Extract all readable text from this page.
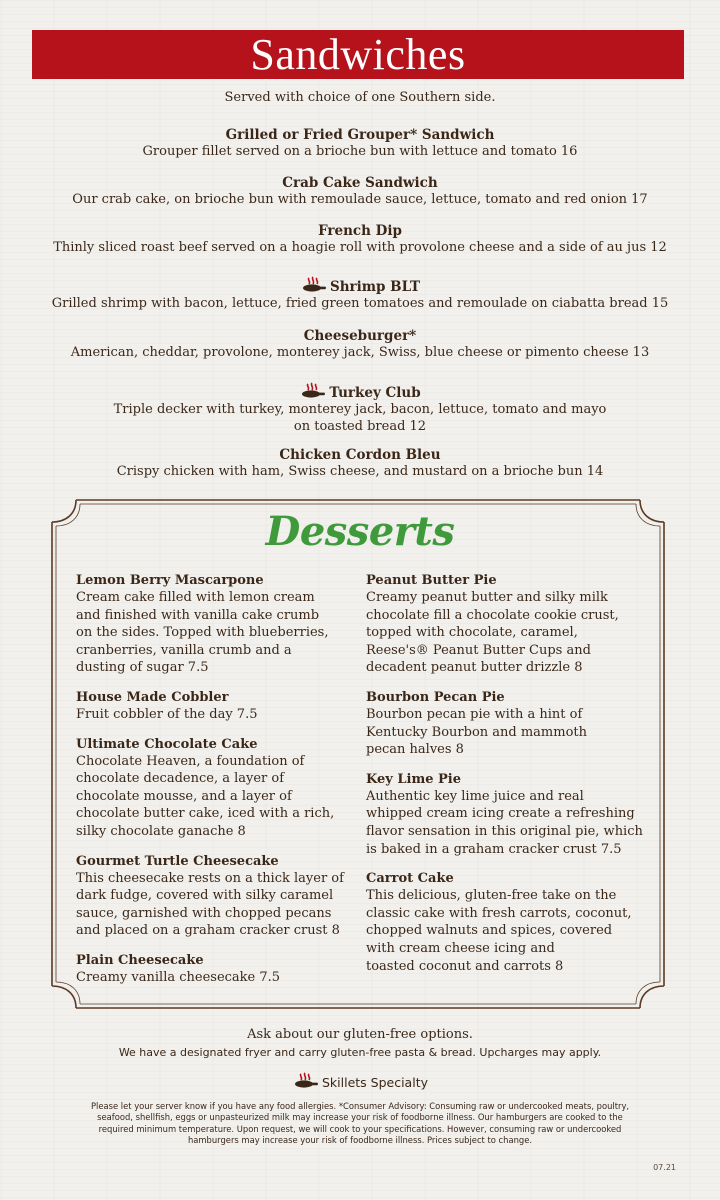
Sandwiches
Served with choice of one Southern side.
Grilled or Fried Grouper* Sandwich
Grouper fillet served on a brioche bun with lettuce and tomato 16
Crab Cake Sandwich
Our crab cake, on brioche bun with remoulade sauce, lettuce, tomato and red onion 17
French Dip
Thinly sliced roast beef served on a hoagie roll with provolone cheese and a side of au jus 12
Shrimp BLT
Grilled shrimp with bacon, lettuce, fried green tomatoes and remoulade on ciabatta bread 15
Cheeseburger*
American, cheddar, provolone, monterey jack, Swiss, blue cheese or pimento cheese 13
Turkey Club
Triple decker with turkey, monterey jack, bacon, lettuce, tomato and mayo
on toasted bread 12
Chicken Cordon Bleu
Crispy chicken with ham, Swiss cheese, and mustard on a brioche bun 14
Desserts
Lemon Berry Mascarpone
Cream cake filled with lemon cream
and finished with vanilla cake crumb
on the sides. Topped with blueberries,
cranberries, vanilla crumb and a
dusting of sugar 7.5
House Made Cobbler
Fruit cobbler of the day 7.5
Ultimate Chocolate Cake
Chocolate Heaven, a foundation of
chocolate decadence, a layer of
chocolate mousse, and a layer of
chocolate butter cake, iced with a rich,
silky chocolate ganache 8
Gourmet Turtle Cheesecake
This cheesecake rests on a thick layer of
dark fudge, covered with silky caramel
sauce, garnished with chopped pecans
and placed on a graham cracker crust 8
Plain Cheesecake
Creamy vanilla cheesecake 7.5
Peanut Butter Pie
Creamy peanut butter and silky milk
chocolate fill a chocolate cookie crust,
topped with chocolate, caramel,
Reese's® Peanut Butter Cups and
decadent peanut butter drizzle 8
Bourbon Pecan Pie
Bourbon pecan pie with a hint of
Kentucky Bourbon and mammoth
pecan halves 8
Key Lime Pie
Authentic key lime juice and real
whipped cream icing create a refreshing
flavor sensation in this original pie, which
is baked in a graham cracker crust 7.5
Carrot Cake
This delicious, gluten-free take on the
classic cake with fresh carrots, coconut,
chopped walnuts and spices, covered
with cream cheese icing and
toasted coconut and carrots 8
Ask about our gluten-free options.
We have a designated fryer and carry gluten-free pasta & bread. Upcharges may apply.
Skillets Specialty
Please let your server know if you have any food allergies. *Consumer Advisory: Consuming raw or undercooked meats, poultry,
seafood, shellfish, eggs or unpasteurized milk may increase your risk of foodborne illness. Our hamburgers are cooked to the
required minimum temperature. Upon request, we will cook to your specifications. However, consuming raw or undercooked
hamburgers may increase your risk of foodborne illness. Prices subject to change.
07.21
